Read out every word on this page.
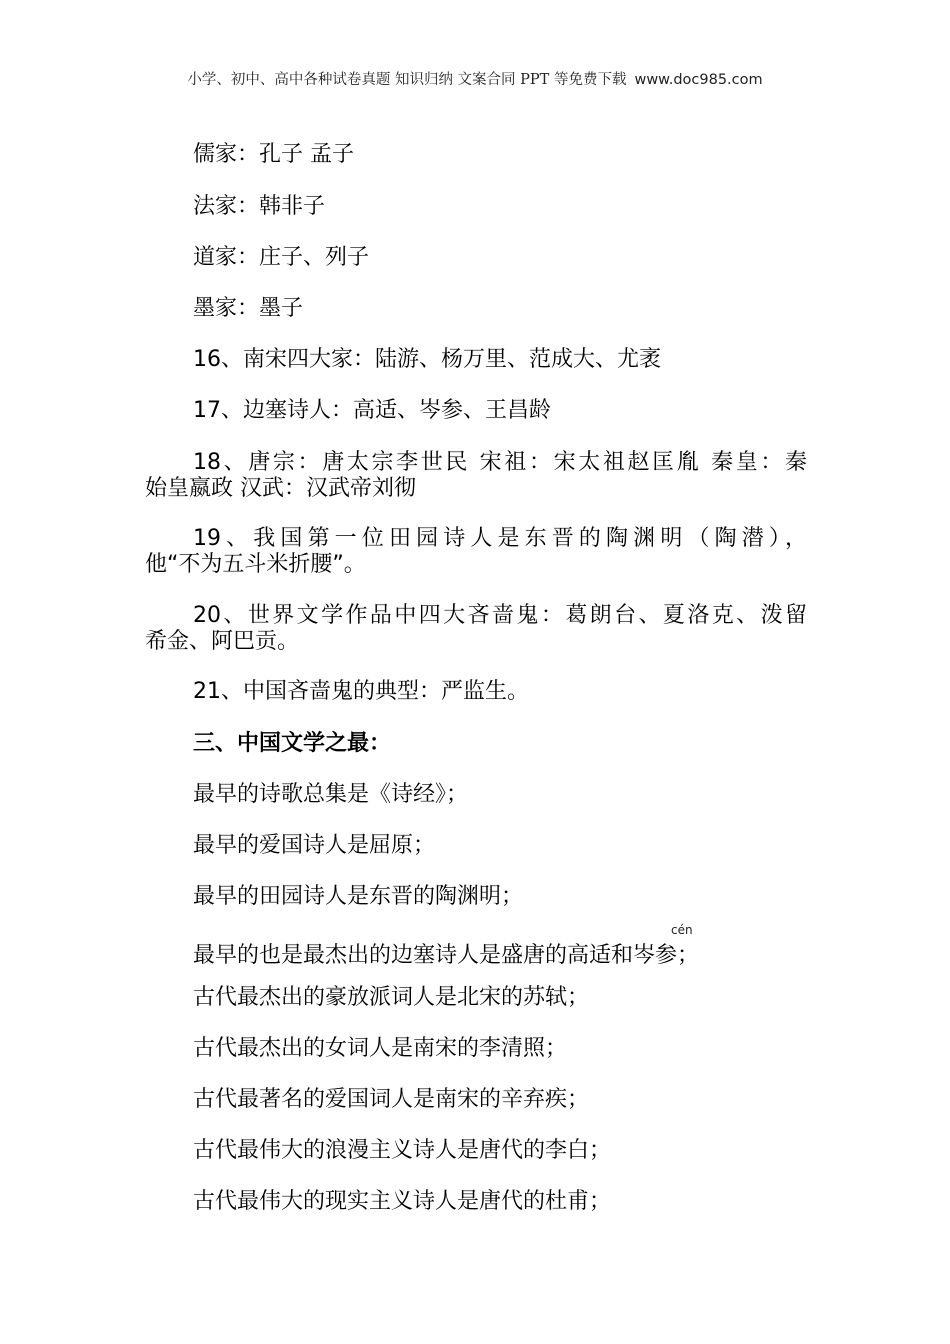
小学、初中、高中各种试卷真题 知识归纳 文案合同 PPT 等免费下载 www.doc985.com
儒家：孔子 孟子
法家：韩非子
道家：庄子、列子
墨家：墨子
16、南宋四大家：陆游、杨万里、范成大、尤袤
17、边塞诗人：高适、岑参、王昌龄
18、唐宗：唐太宗李世民 宋祖：宋太祖赵匡胤 秦皇：秦
始皇嬴政 汉武：汉武帝刘彻
19、我国第一位田园诗人是东晋的陶渊明（陶潜），
他“不为五斗米折腰”。
20、世界文学作品中四大吝啬鬼：葛朗台、夏洛克、泼留
希金、阿巴贡。
21、中国吝啬鬼的典型：严监生。
三、中国文学之最：
最早的诗歌总集是《诗经》；
最早的爱国诗人是屈原；
最早的田园诗人是东晋的陶渊明；
cén
最早的也是最杰出的边塞诗人是盛唐的高适和岑参；
古代最杰出的豪放派词人是北宋的苏轼；
古代最杰出的女词人是南宋的李清照；
古代最著名的爱国词人是南宋的辛弃疾；
古代最伟大的浪漫主义诗人是唐代的李白；
古代最伟大的现实主义诗人是唐代的杜甫；
